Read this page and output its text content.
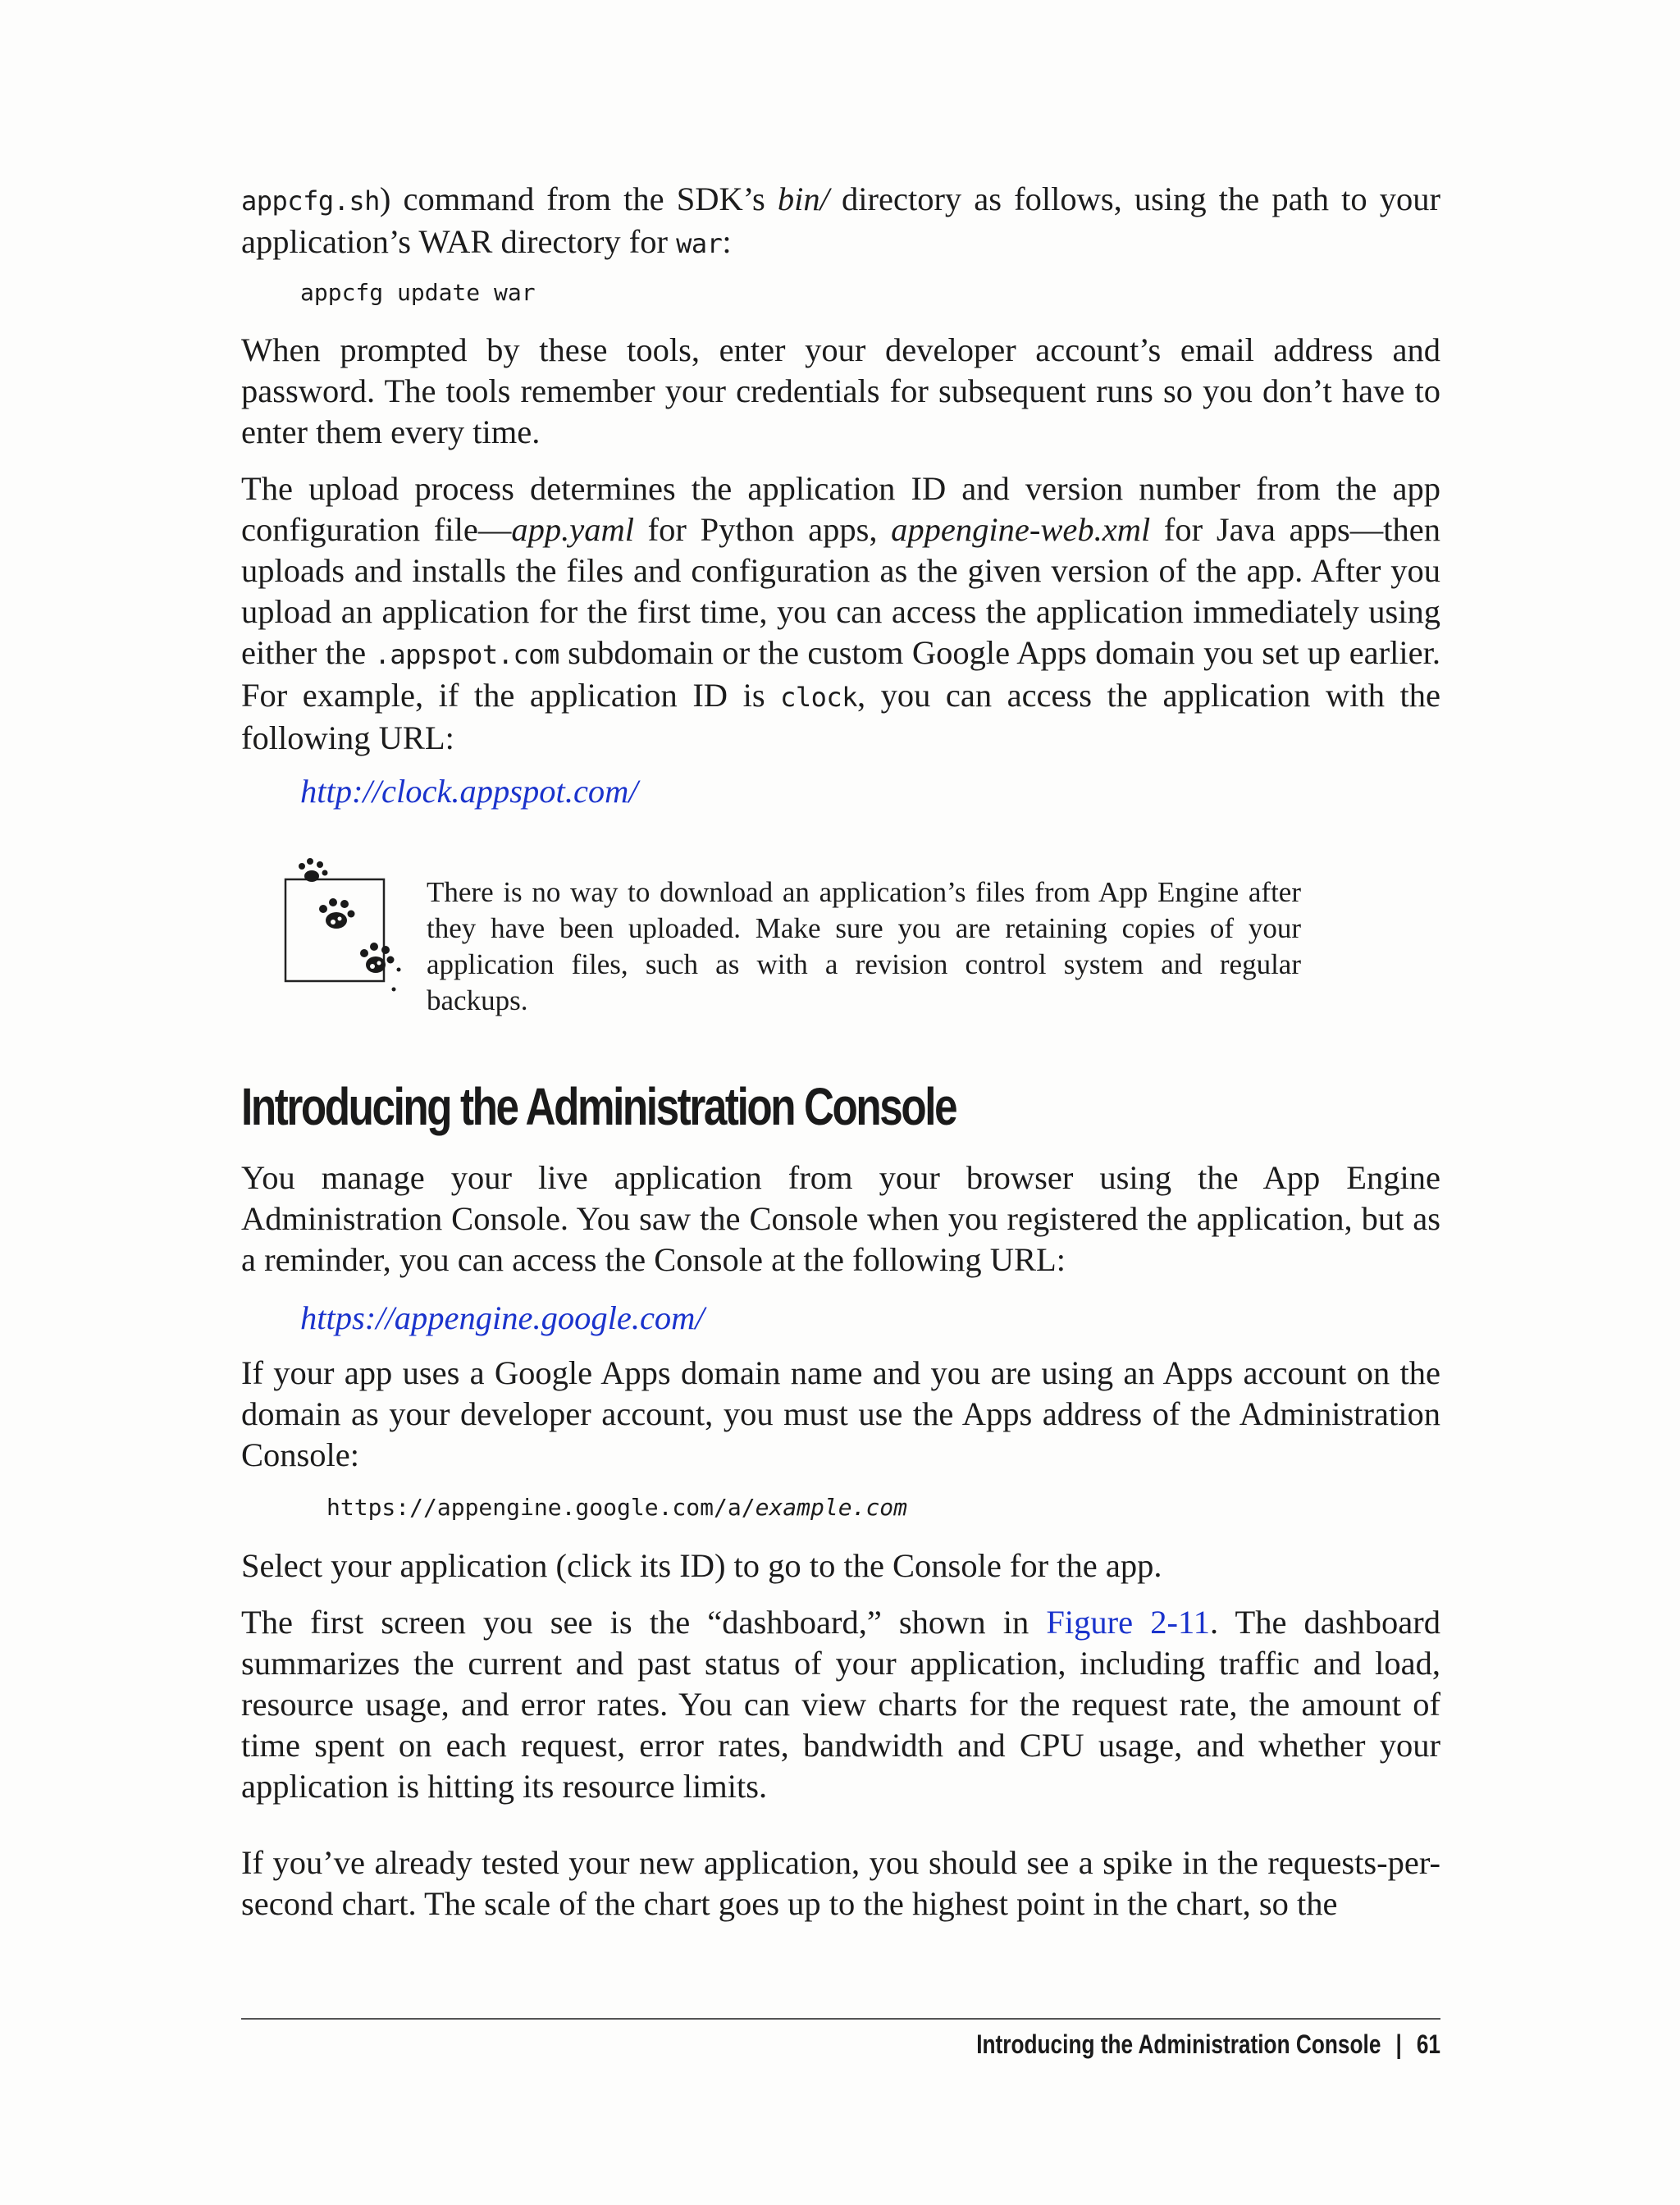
appcfg.sh) command from the SDK’s bin/ directory as follows, using the path to your application’s WAR directory for war:

appcfg update war

When prompted by these tools, enter your developer account’s email address and password. The tools remember your credentials for subsequent runs so you don’t have to enter them every time.

The upload process determines the application ID and version number from the app configuration file—app.yaml for Python apps, appengine-web.xml for Java apps—then uploads and installs the files and configuration as the given version of the app. After you upload an application for the first time, you can access the application immediately using either the .appspot.com subdomain or the custom Google Apps domain you set up earlier. For example, if the application ID is clock, you can access the application with the following URL:

http://clock.appspot.com/
There is no way to download an application’s files from App Engine after they have been uploaded. Make sure you are retaining copies of your application files, such as with a revision control system and regular backups.
Introducing the Administration Console

You manage your live application from your browser using the App Engine Administration Console. You saw the Console when you registered the application, but as a reminder, you can access the Console at the following URL:

https://appengine.google.com/

If your app uses a Google Apps domain name and you are using an Apps account on the domain as your developer account, you must use the Apps address of the Administration Console:

https://appengine.google.com/a/example.com

Select your application (click its ID) to go to the Console for the app.

The first screen you see is the “dashboard,” shown in Figure 2-11. The dashboard summarizes the current and past status of your application, including traffic and load, resource usage, and error rates. You can view charts for the request rate, the amount of time spent on each request, error rates, bandwidth and CPU usage, and whether your application is hitting its resource limits.

If you’ve already tested your new application, you should see a spike in the requests-per-second chart. The scale of the chart goes up to the highest point in the chart, so the

Introducing the Administration Console | 61
